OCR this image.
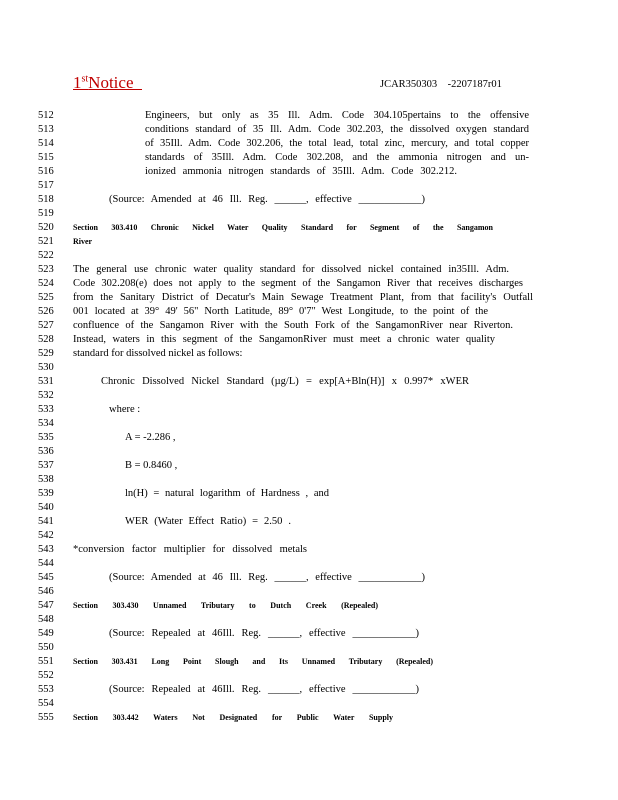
1stNotice	JCAR350303    -2207187r01
512
513
514
515
516
517
518
519
520
521
522
523
524
525
526
527
528
529
530
531
532
533
534
535
536
537
538
539
540
541
542
543
544
545
546
547
548
549
550
551
552
553
554
555
Engineers, but only as 35 Ill. Adm. Code 304.105pertains to the offensive
conditions standard of 35 Ill. Adm. Code 302.203, the dissolved oxygen standard
of 35Ill. Adm. Code 302.206, the total lead, total zinc, mercury, and total copper
standards of 35Ill. Adm. Code 302.208, and the ammonia nitrogen and un-
ionized ammonia nitrogen standards of 35Ill. Adm. Code 302.212.
(Source: Amended at 46 Ill. Reg. ______, effective ____________)
Section 303.410 Chronic Nickel Water Quality Standard for Segment of the Sangamon
River
The general use chronic water quality standard for dissolved nickel contained in35Ill. Adm.
Code 302.208(e) does not apply to the segment of the Sangamon River that receives discharges
from the Sanitary District of Decatur's Main Sewage Treatment Plant, from that facility's Outfall
001 located at 39° 49' 56" North Latitude, 89° 0'7" West Longitude, to the point of the
confluence of the Sangamon River with the South Fork of the SangamonRiver near Riverton.
Instead, waters in this segment of the SangamonRiver must meet a chronic water quality
standard for dissolved nickel as follows:
Chronic Dissolved Nickel Standard (µg/L) = exp[A+Bln(H)] x 0.997* xWER
where :
A = -2.286 ,
B = 0.8460 ,
ln(H) = natural logarithm of Hardness , and
WER (Water Effect Ratio) = 2.50 .
*conversion factor multiplier for dissolved metals
(Source: Amended at 46 Ill. Reg. ______, effective ____________)
Section 303.430 Unnamed Tributary to Dutch Creek (Repealed)
(Source: Repealed at 46Ill. Reg. ______, effective ____________)
Section 303.431 Long Point Slough and Its Unnamed Tributary (Repealed)
(Source: Repealed at 46Ill. Reg. ______, effective ____________)
Section 303.442 Waters Not Designated for Public Water Supply
